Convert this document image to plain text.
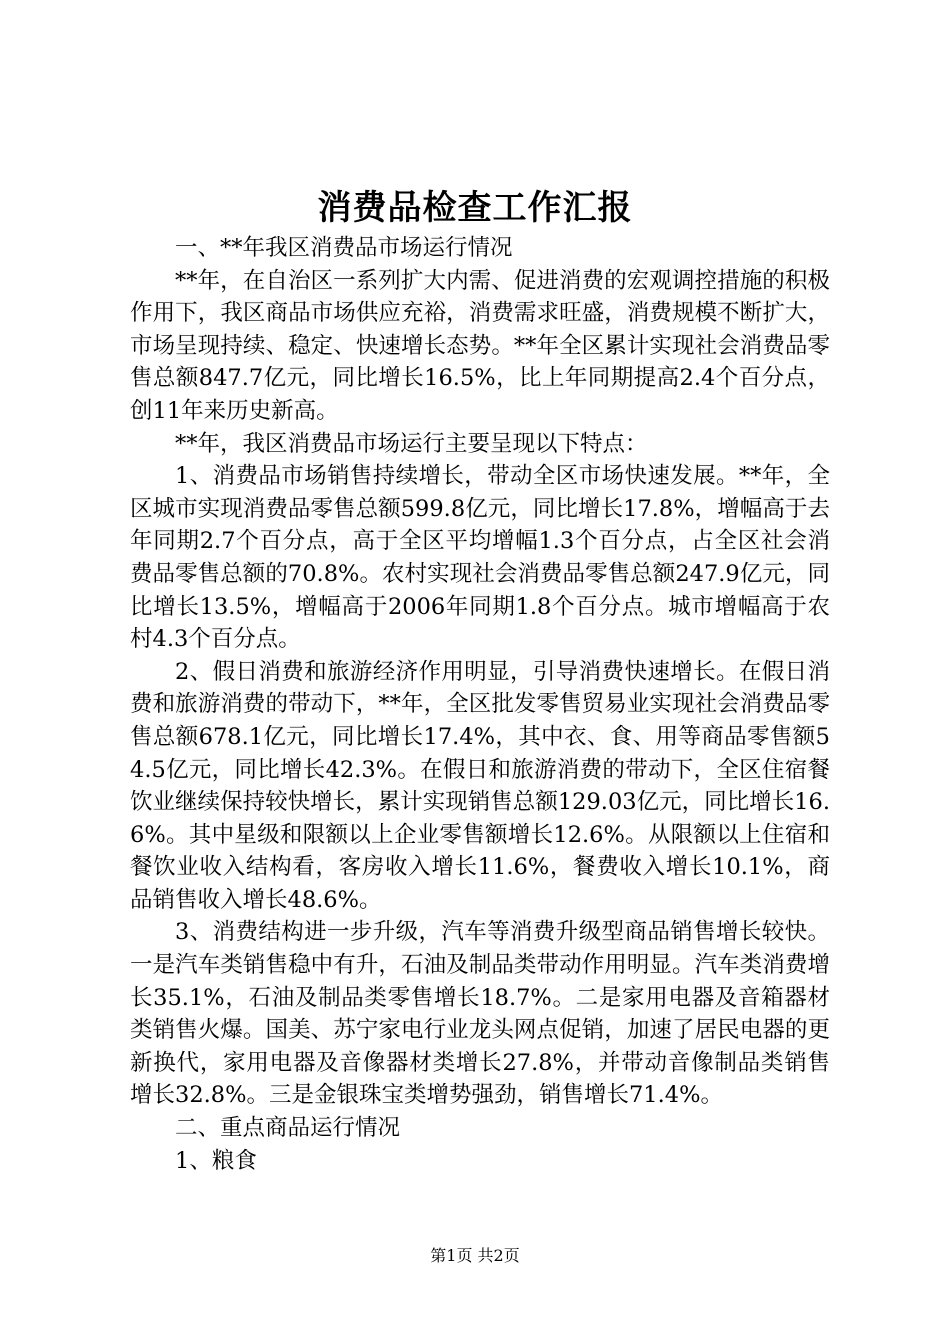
消费品检查工作汇报

一、**年我区消费品市场运行情况

**年，在自治区一系列扩大内需、促进消费的宏观调控措施的积极作用下，我区商品市场供应充裕，消费需求旺盛，消费规模不断扩大，市场呈现持续、稳定、快速增长态势。**年全区累计实现社会消费品零售总额847.7亿元，同比增长16.5%，比上年同期提高2.4个百分点，创11年来历史新高。

**年，我区消费品市场运行主要呈现以下特点：

1、消费品市场销售持续增长，带动全区市场快速发展。**年，全区城市实现消费品零售总额599.8亿元，同比增长17.8%，增幅高于去年同期2.7个百分点，高于全区平均增幅1.3个百分点，占全区社会消费品零售总额的70.8%。农村实现社会消费品零售总额247.9亿元，同比增长13.5%，增幅高于2006年同期1.8个百分点。城市增幅高于农村4.3个百分点。

2、假日消费和旅游经济作用明显，引导消费快速增长。在假日消费和旅游消费的带动下，**年，全区批发零售贸易业实现社会消费品零售总额678.1亿元，同比增长17.4%，其中衣、食、用等商品零售额54.5亿元，同比增长42.3%。在假日和旅游消费的带动下，全区住宿餐饮业继续保持较快增长，累计实现销售总额129.03亿元，同比增长16.6%。其中星级和限额以上企业零售额增长12.6%。从限额以上住宿和餐饮业收入结构看，客房收入增长11.6%，餐费收入增长10.1%，商品销售收入增长48.6%。

3、消费结构进一步升级，汽车等消费升级型商品销售增长较快。一是汽车类销售稳中有升，石油及制品类带动作用明显。汽车类消费增长35.1%，石油及制品类零售增长18.7%。二是家用电器及音箱器材类销售火爆。国美、苏宁家电行业龙头网点促销，加速了居民电器的更新换代，家用电器及音像器材类增长27.8%，并带动音像制品类销售增长32.8%。三是金银珠宝类增势强劲，销售增长71.4%。

二、重点商品运行情况

1、粮食

第1页 共2页
